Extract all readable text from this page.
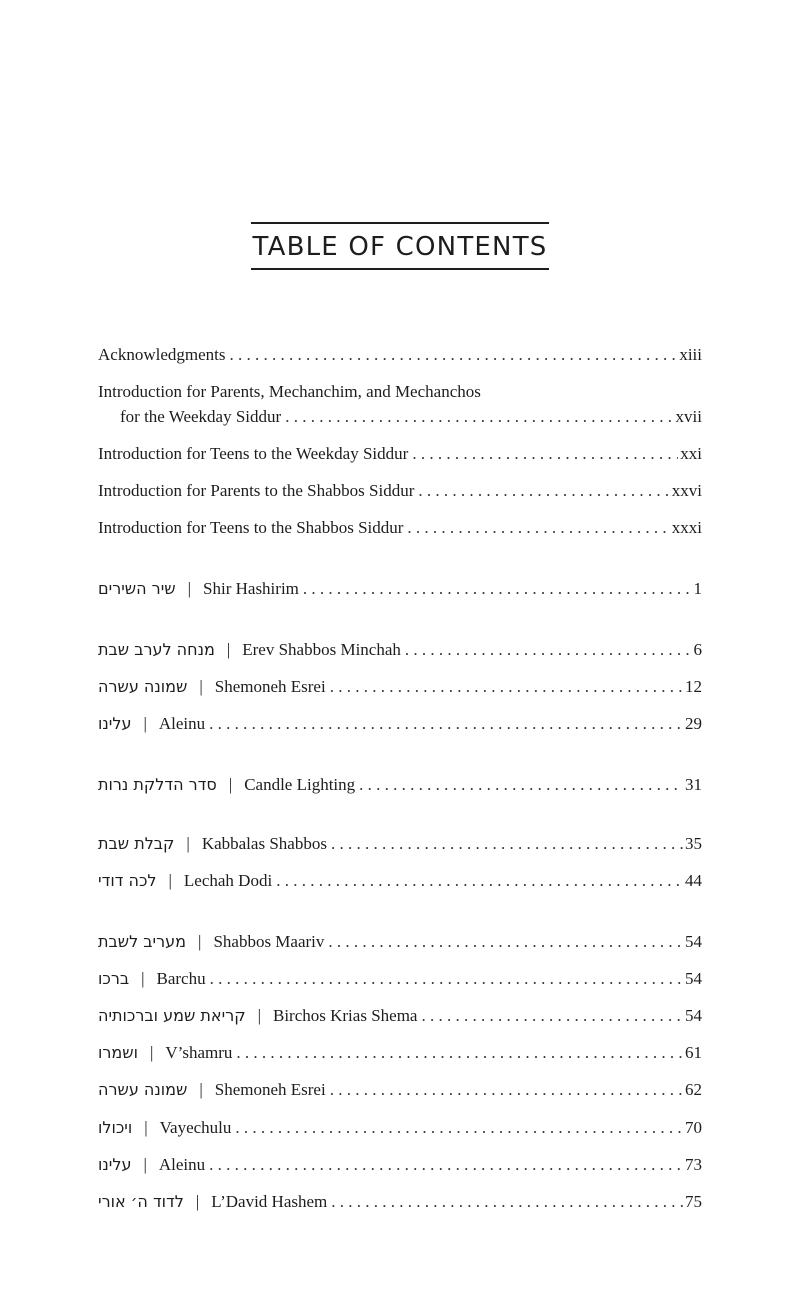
TABLE OF CONTENTS
Acknowledgments . . .	xiii
Introduction for Parents, Mechanchim, and Mechanchos
for the Weekday Siddur . . .	xvii
Introduction for Teens to the Weekday Siddur . . .	xxi
Introduction for Parents to the Shabbos Siddur . . .	xxvi
Introduction for Teens to the Shabbos Siddur . . .	xxxi
שיר השירים | Shir Hashirim . . .	1
מנחה לערב שבת | Erev Shabbos Minchah . . .	6
שמונה עשרה | Shemoneh Esrei . . .	12
עלינו | Aleinu . . .	29
סדר הדלקת נרות | Candle Lighting . . .	31
קבלת שבת | Kabbalas Shabbos . . .	35
לכה דודי | Lechah Dodi . . .	44
מעריב לשבת | Shabbos Maariv . . .	54
ברכו | Barchu . . .	54
קריאת שמע וברכותיה | Birchos Krias Shema . . .	54
ושמרו | V’shamru . . .	61
שמונה עשרה | Shemoneh Esrei . . .	62
ויכולו | Vayechulu . . .	70
עלינו | Aleinu . . .	73
לדוד ה׳ אורי | L’David Hashem . . .	75
